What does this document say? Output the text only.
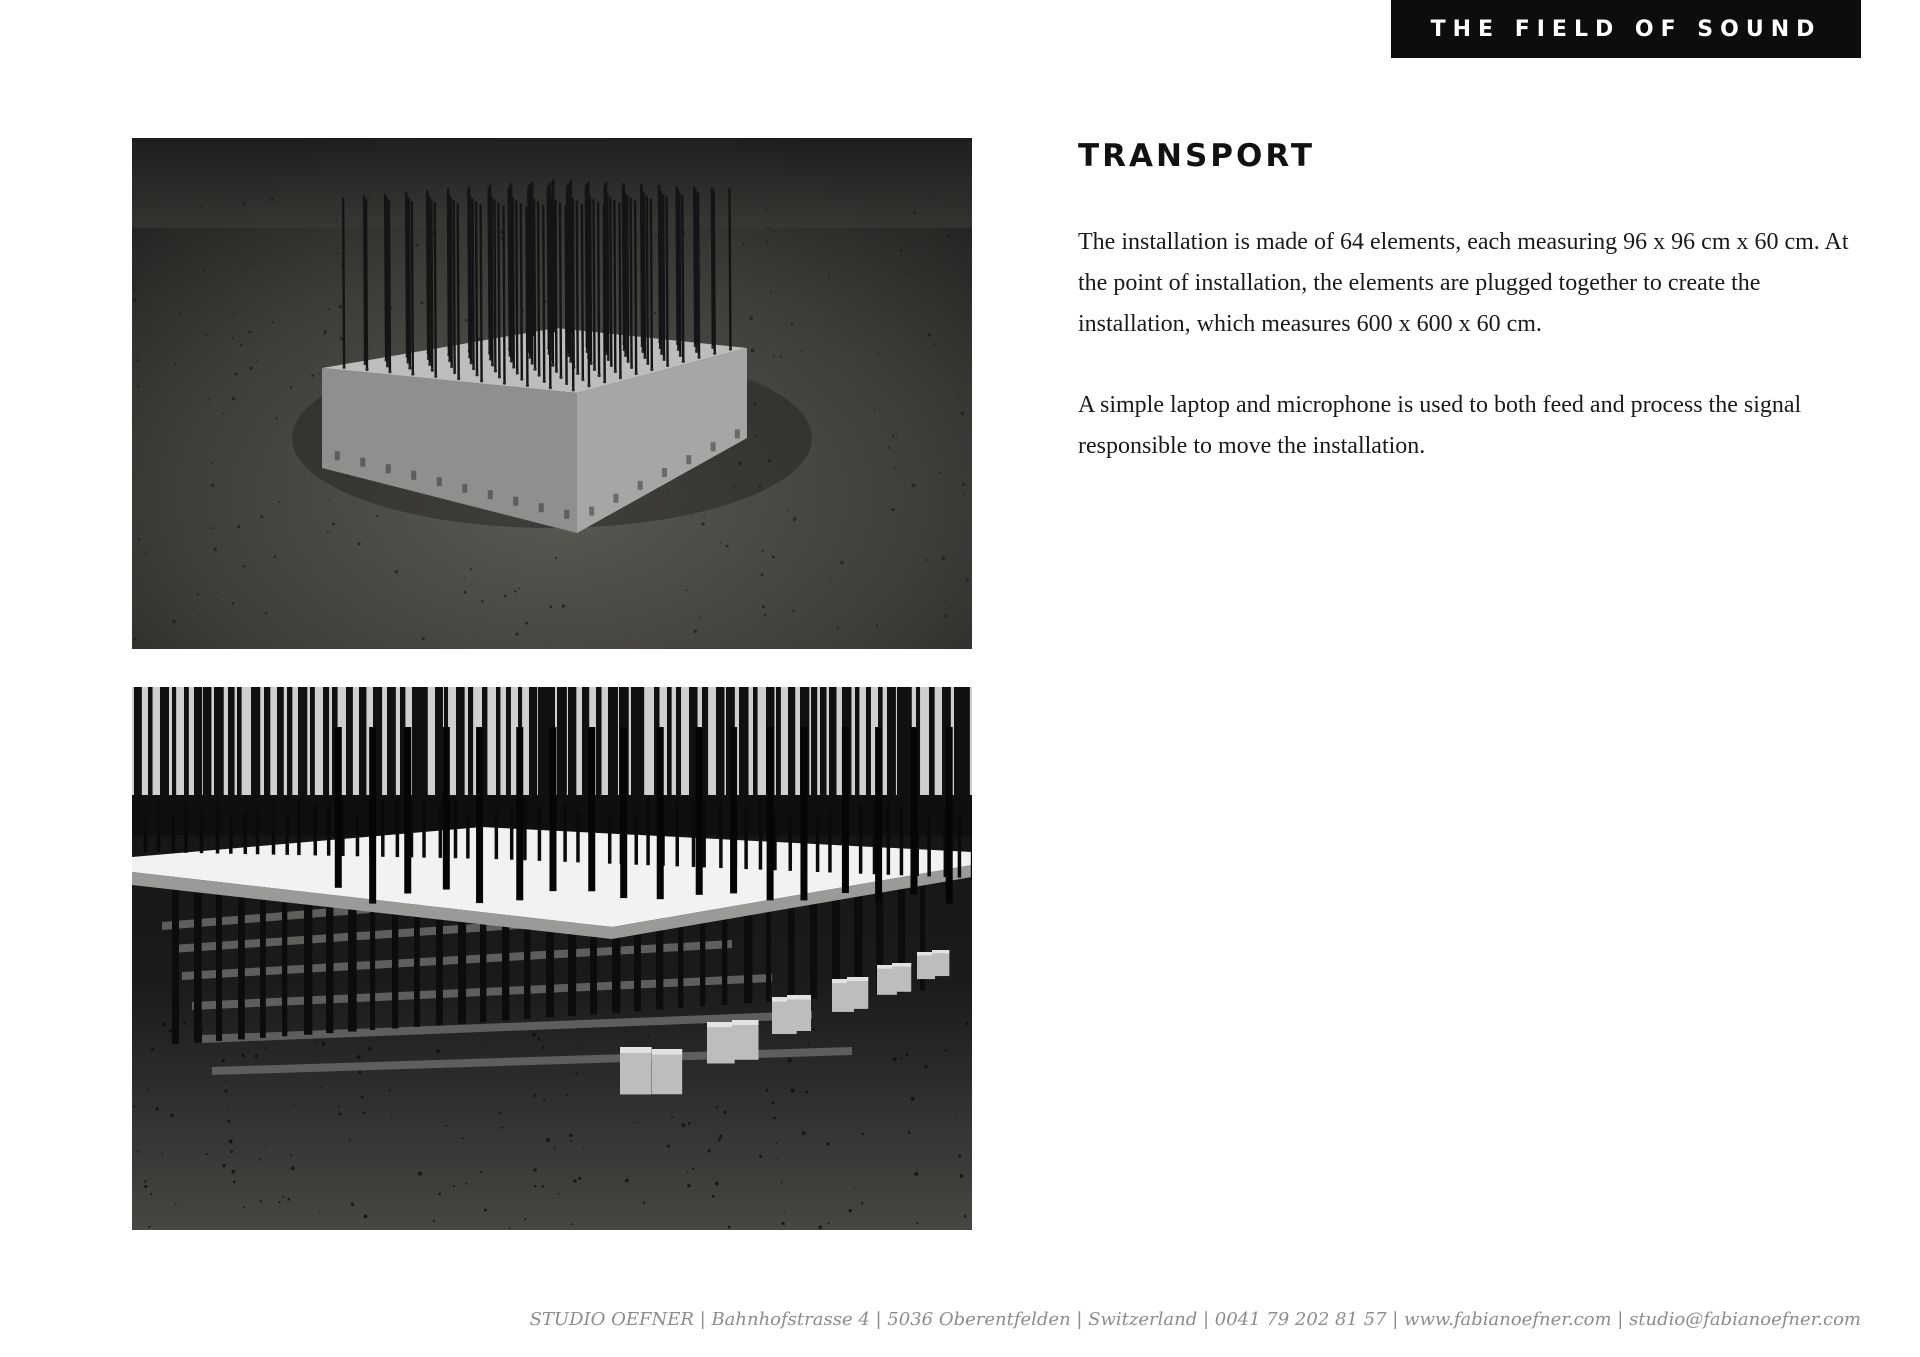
THE FIELD OF SOUND
TRANSPORT

The installation is made of 64 elements, each measuring 96 x 96 cm x 60 cm. At the point of installation, the elements are plugged together to create the installation, which measures 600 x 600 x 60 cm.

A simple laptop and microphone is used to both feed and process the signal responsible to move the installation.

STUDIO OEFNER | Bahnhofstrasse 4 | 5036 Oberentfelden | Switzerland | 0041 79 202 81 57 | www.fabianoefner.com | studio@fabianoefner.com
